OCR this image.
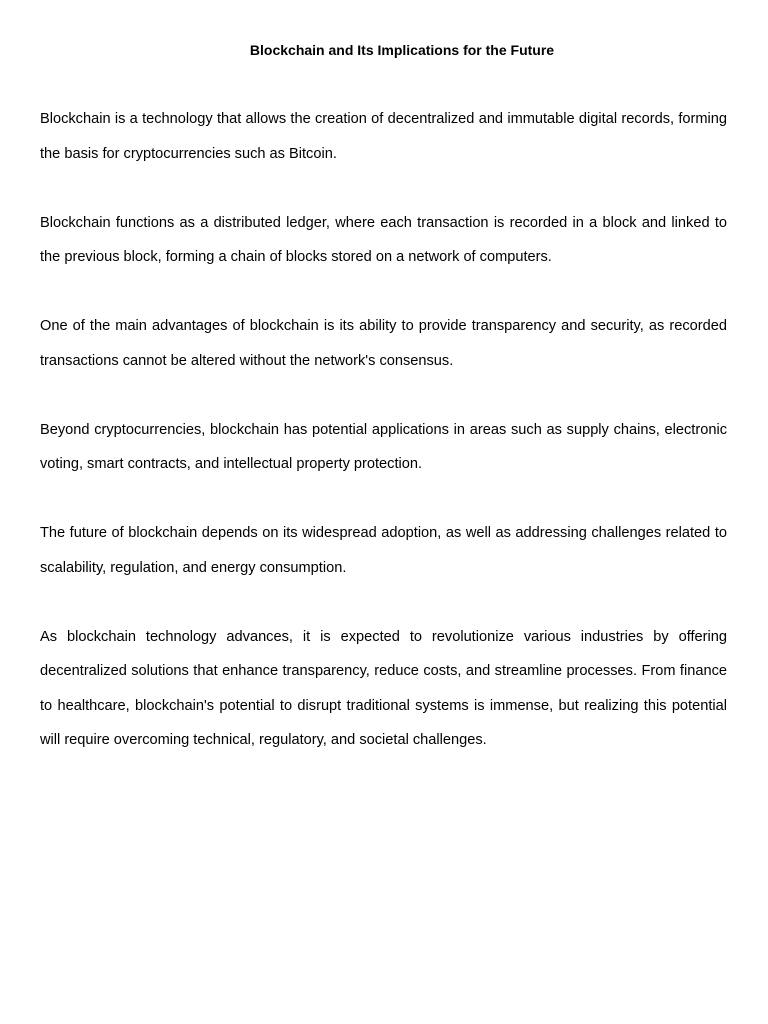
Blockchain and Its Implications for the Future

Blockchain is a technology that allows the creation of decentralized and immutable digital records, forming the basis for cryptocurrencies such as Bitcoin.

Blockchain functions as a distributed ledger, where each transaction is recorded in a block and linked to the previous block, forming a chain of blocks stored on a network of computers.

One of the main advantages of blockchain is its ability to provide transparency and security, as recorded transactions cannot be altered without the network's consensus.

Beyond cryptocurrencies, blockchain has potential applications in areas such as supply chains, electronic voting, smart contracts, and intellectual property protection.

The future of blockchain depends on its widespread adoption, as well as addressing challenges related to scalability, regulation, and energy consumption.

As blockchain technology advances, it is expected to revolutionize various industries by offering decentralized solutions that enhance transparency, reduce costs, and streamline processes. From finance to healthcare, blockchain's potential to disrupt traditional systems is immense, but realizing this potential will require overcoming technical, regulatory, and societal challenges.
